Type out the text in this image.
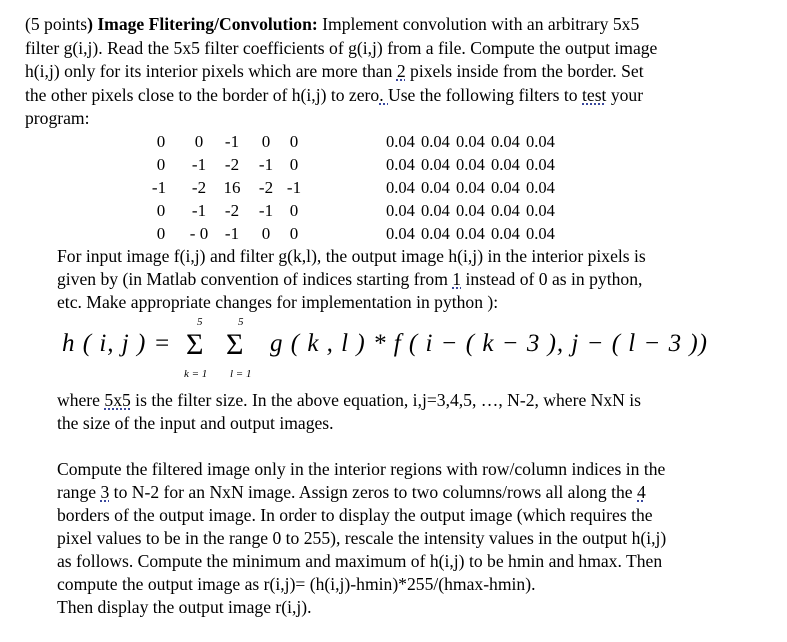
(5 points) Image Flitering/Convolution: Implement convolution with an arbitrary 5x5
filter g(i,j). Read the 5x5 filter coefficients of g(i,j) from a file. Compute the output image
h(i,j) only for its interior pixels which are more than 2 pixels inside from the border. Set
the other pixels close to the border of h(i,j) to zero. Use the following filters to test your
program:
0	0	-1	0	0
0	-1	-2	-1 0
-1 -2 16 -2 -1
0	-1	-2	-1 0
0	- 0 -1	0	0
0.04 0.04 0.04 0.04 0.04
0.04 0.04 0.04 0.04 0.04
0.04 0.04 0.04 0.04 0.04
0.04 0.04 0.04 0.04 0.04
0.04 0.04 0.04 0.04 0.04
For input image f(i,j) and filter g(k,l), the output image h(i,j) in the interior pixels is
given by (in Matlab convention of indices starting from 1 instead of 0 as in python,
etc. Make appropriate changes for implementation in python ):
5	5
h ( i, j ) = Σ Σ g ( k , l ) * f ( i − ( k − 3 ), j − ( l − 3 ))
k = 1 l = 1
where 5x5 is the filter size. In the above equation, i,j=3,4,5, …, N-2, where NxN is
the size of the input and output images.
Compute the filtered image only in the interior regions with row/column indices in the
range 3 to N-2 for an NxN image. Assign zeros to two columns/rows all along the 4
borders of the output image. In order to display the output image (which requires the
pixel values to be in the range 0 to 255), rescale the intensity values in the output h(i,j)
as follows. Compute the minimum and maximum of h(i,j) to be hmin and hmax. Then
compute the output image as r(i,j)= (h(i,j)-hmin)*255/(hmax-hmin).
Then display the output image r(i,j).
